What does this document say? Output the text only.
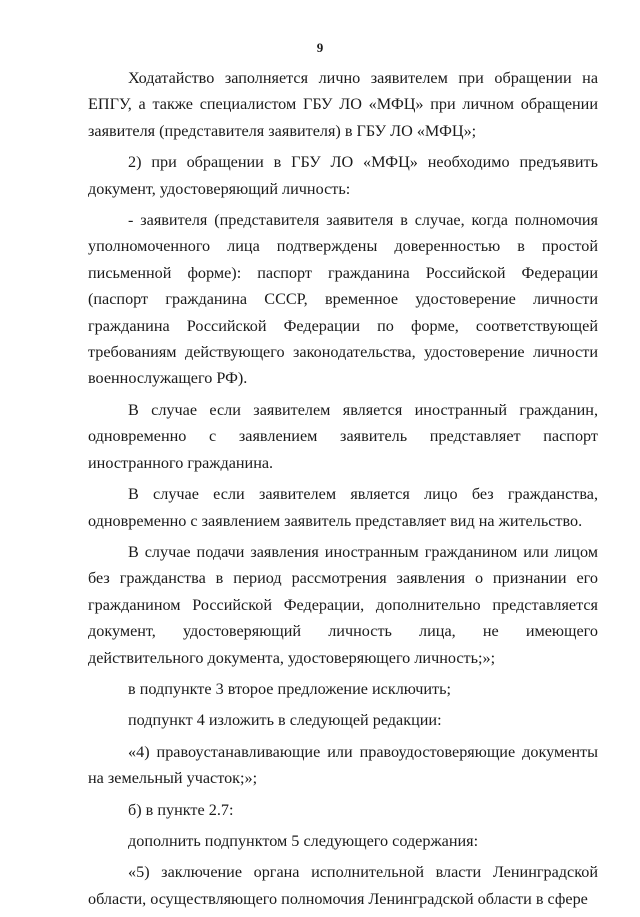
9

Ходатайство заполняется лично заявителем при обращении на ЕПГУ, а также специалистом ГБУ ЛО «МФЦ» при личном обращении заявителя (представителя заявителя) в ГБУ ЛО «МФЦ»;

2) при обращении в ГБУ ЛО «МФЦ» необходимо предъявить документ, удостоверяющий личность:

- заявителя (представителя заявителя в случае, когда полномочия уполномоченного лица подтверждены доверенностью в простой письменной форме): паспорт гражданина Российской Федерации (паспорт гражданина СССР, временное удостоверение личности гражданина Российской Федерации по форме, соответствующей требованиям действующего законодательства, удостоверение личности военнослужащего РФ).

В случае если заявителем является иностранный гражданин, одновременно с заявлением заявитель представляет паспорт иностранного гражданина.

В случае если заявителем является лицо без гражданства, одновременно с заявлением заявитель представляет вид на жительство.

В случае подачи заявления иностранным гражданином или лицом без гражданства в период рассмотрения заявления о признании его гражданином Российской Федерации, дополнительно представляется документ, удостоверяющий личность лица, не имеющего действительного документа, удостоверяющего личность;»;

в подпункте 3 второе предложение исключить;

подпункт 4 изложить в следующей редакции:

«4) правоустанавливающие или правоудостоверяющие документы на земельный участок;»;

б) в пункте 2.7:

дополнить подпунктом 5 следующего содержания:

«5) заключение органа исполнительной власти Ленинградской области, осуществляющего полномочия Ленинградской области в сфере
